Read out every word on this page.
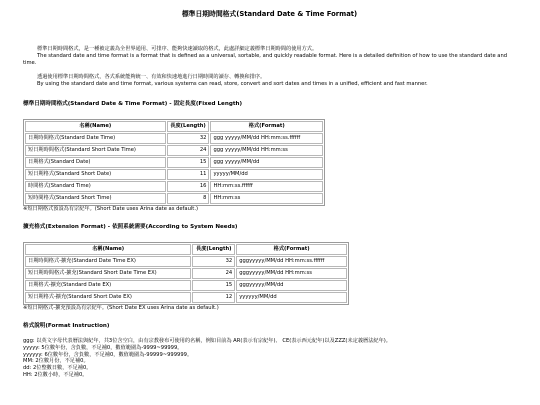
標準日期時間格式(Standard Date & Time Format)

標準日期時間格式，是一種被定義為全世界通用、可排序、能夠快速讀取的格式，此處詳細定義標準日期時間的使用方式。

The standard date and time format is a format that is defined as a universal, sortable, and quickly readable format. Here is a detailed definition of how to use the standard date and time.

透過使用標準日期時間格式，各式系統能夠統一、有效和快速地進行日期時間的讀存、轉換和排序。

By using the standard date and time format, various systems can read, store, convert and sort dates and times in a unified, efficient and fast manner.

標準日期時間格式(Standard Date & Time Format) - 固定長度(Fixed Length)
名稱(Name)	長度(Length)	格式(Format)
日期時間格式(Standard Date Time)	32	ggg yyyyy/MM/dd HH:mm:ss.ffffff
短日期時間格式(Standard Short Date Time)	24	ggg yyyyy/MM/dd HH:mm:ss
日期格式(Standard Date)	15	ggg yyyyy/MM/dd
短日期格式(Standard Short Date)	11	yyyyy/MM/dd
時間格式(Standard Time)	16	HH:mm:ss.ffffff
短時間格式(Standard Short Time)	8	HH:mm:ss

※短日期格式預設為有宗紀年。(Short Date uses Arina date as default.)

擴充格式(Extension Format) - 依照系統需要(According to System Needs)
名稱(Name)	長度(Length)	格式(Format)
日期時間格式-擴充(Standard Date Time EX)	32	gggyyyyy/MM/dd HH:mm:ss.ffffff
短日期時間格式-擴充(Standard Short Date Time EX)	24	gggyyyyy/MM/dd HH:mm:ss
日期格式-擴充(Standard Date EX)	15	gggyyyyy/MM/dd
短日期格式-擴充(Standard Short Date EX)	12	yyyyyy/MM/dd

※短日期格式-擴充預設為有宗紀年。(Short Date EX uses Arina date as default.)

格式說明(Format Instruction)

ggg: 以英文字母代表曆法與紀年，共3位含空白，由有宗教發布可使用的名稱，例如目前為 AR(表示有宗紀年)、 CE(表示西元紀年)以及ZZZ(未定義曆法紀年)。

yyyyy: 5位數年份，含負數，不足補0，數值範圍為-9999~99999。

yyyyyy: 6位數年份，含負數，不足補0，數值範圍為-99999~999999。

MM: 2位數月份，不足補0。

dd: 2位整數日數，不足補0。

HH: 2位數小時，不足補0。
